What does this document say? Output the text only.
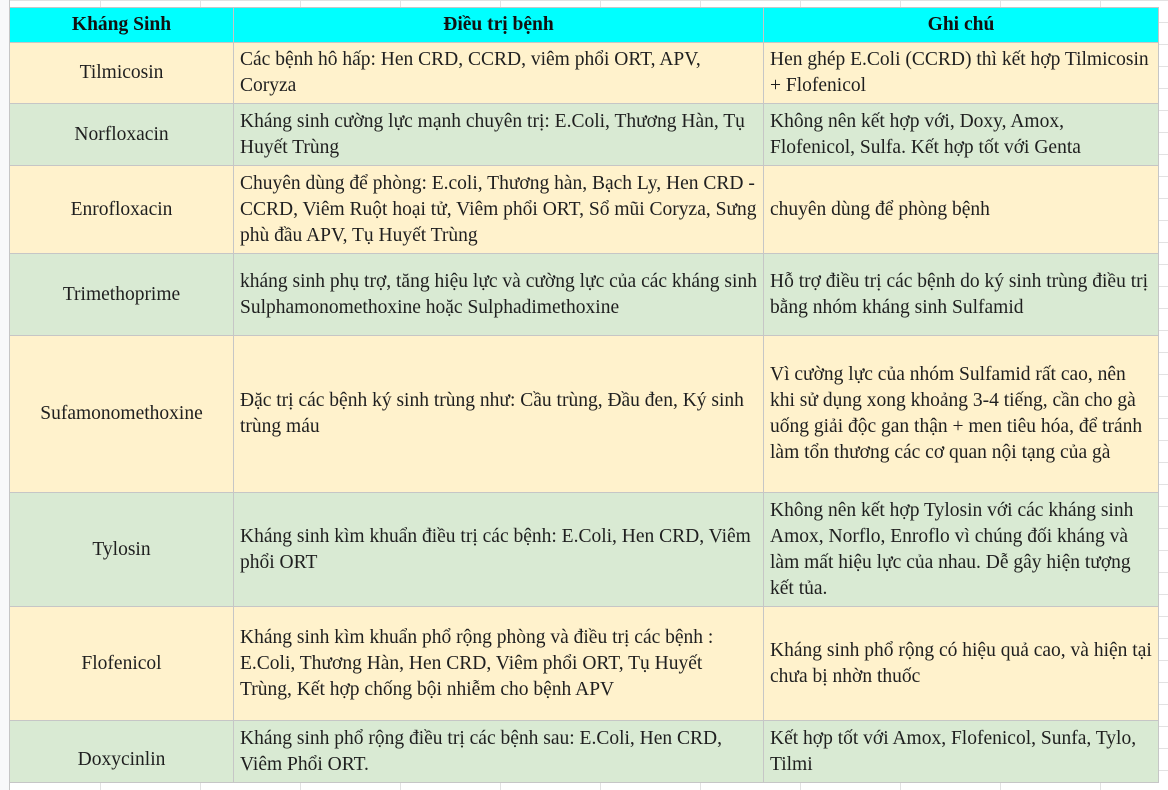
Kháng Sinh	Điều trị bệnh	Ghi chú
Tilmicosin	Các bệnh hô hấp: Hen CRD, CCRD, viêm phổi ORT, APV, Coryza	Hen ghép E.Coli (CCRD) thì kết hợp Tilmicosin + Flofenicol
Norfloxacin	Kháng sinh cường lực mạnh chuyên trị: E.Coli, Thương Hàn, Tụ Huyết Trùng	Không nên kết hợp với, Doxy, Amox, Flofenicol, Sulfa. Kết hợp tốt với Genta
Enrofloxacin	Chuyên dùng để phòng: E.coli, Thương hàn, Bạch Ly, Hen CRD - CCRD, Viêm Ruột hoại tử, Viêm phổi ORT, Sổ mũi Coryza, Sưng phù đầu APV, Tụ Huyết Trùng	chuyên dùng để phòng bệnh
Trimethoprime	kháng sinh phụ trợ, tăng hiệu lực và cường lực của các kháng sinh Sulphamonomethoxine hoặc Sulphadimethoxine	Hỗ trợ điều trị các bệnh do ký sinh trùng điều trị bằng nhóm kháng sinh Sulfamid
Sufamonomethoxine	Đặc trị các bệnh ký sinh trùng như: Cầu trùng, Đầu đen, Ký sinh trùng máu	Vì cường lực của nhóm Sulfamid rất cao, nên khi sử dụng xong khoảng 3-4 tiếng, cần cho gà uống giải độc gan thận + men tiêu hóa, để tránh làm tổn thương các cơ quan nội tạng của gà
Tylosin	Kháng sinh kìm khuẩn điều trị các bệnh: E.Coli, Hen CRD, Viêm phổi ORT	Không nên kết hợp Tylosin với các kháng sinh Amox, Norflo, Enroflo vì chúng đối kháng và làm mất hiệu lực của nhau. Dễ gây hiện tượng kết tủa.
Flofenicol	Kháng sinh kìm khuẩn phổ rộng phòng và điều trị các bệnh : E.Coli, Thương Hàn, Hen CRD, Viêm phổi ORT, Tụ Huyết Trùng, Kết hợp chống bội nhiễm cho bệnh APV	Kháng sinh phổ rộng có hiệu quả cao, và hiện tại chưa bị nhờn thuốc
Doxycinlin	Kháng sinh phổ rộng điều trị các bệnh sau: E.Coli, Hen CRD, Viêm Phổi ORT.	Kết hợp tốt với Amox, Flofenicol, Sunfa, Tylo, Tilmi
